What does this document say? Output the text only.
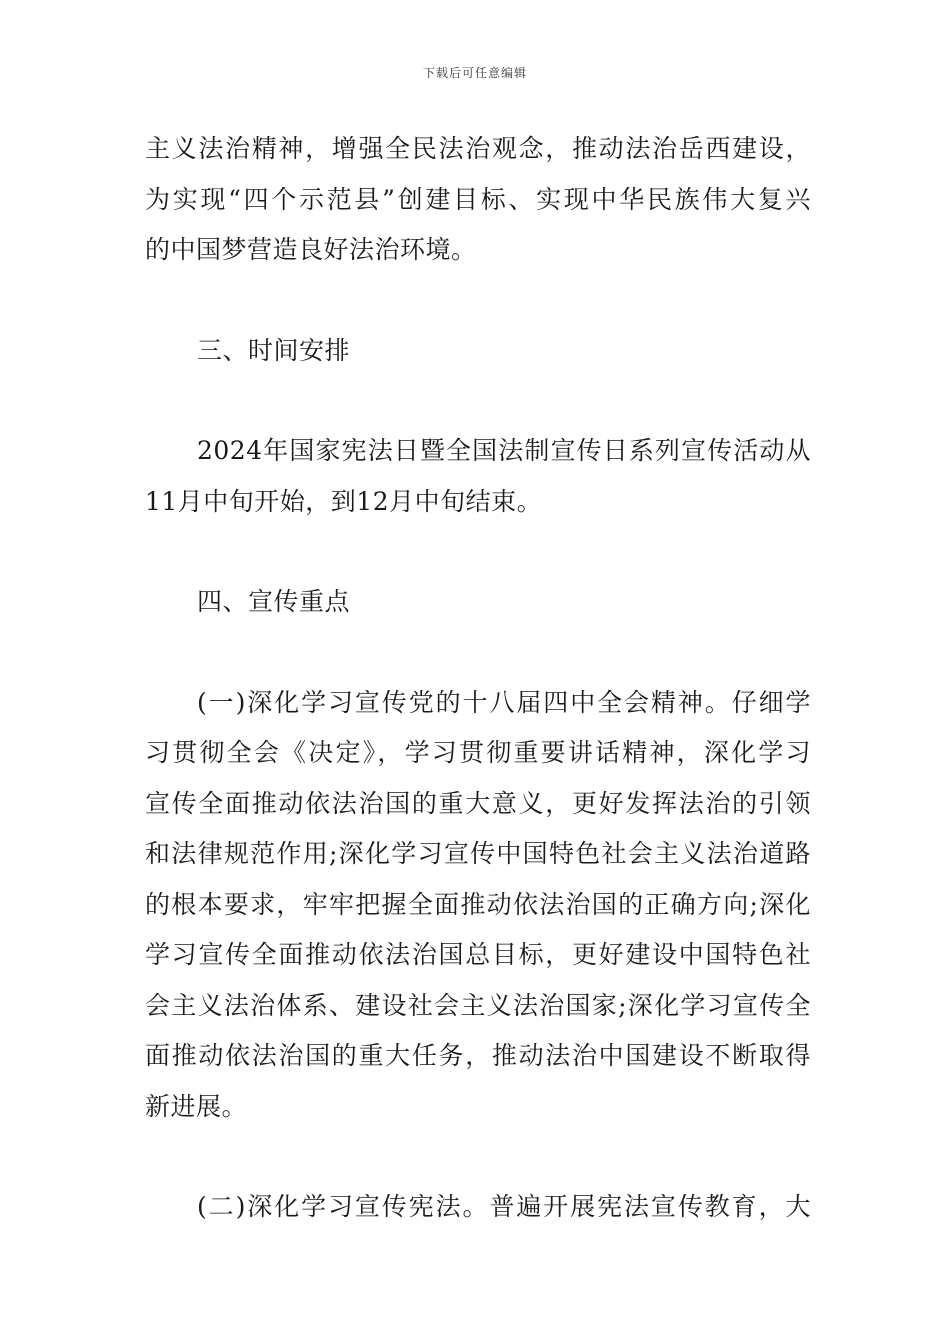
下载后可任意编辑
主义法治精神，增强全民法治观念，推动法治岳西建设，
为实现“四个示范县”创建目标、实现中华民族伟大复兴
的中国梦营造良好法治环境。
三、时间安排
2024年国家宪法日暨全国法制宣传日系列宣传活动从
11月中旬开始，到12月中旬结束。
四、宣传重点
(一)深化学习宣传党的十八届四中全会精神。仔细学
习贯彻全会《决定》，学习贯彻重要讲话精神，深化学习
宣传全面推动依法治国的重大意义，更好发挥法治的引领
和法律规范作用;深化学习宣传中国特色社会主义法治道路
的根本要求，牢牢把握全面推动依法治国的正确方向;深化
学习宣传全面推动依法治国总目标，更好建设中国特色社
会主义法治体系、建设社会主义法治国家;深化学习宣传全
面推动依法治国的重大任务，推动法治中国建设不断取得
新进展。
(二)深化学习宣传宪法。普遍开展宪法宣传教育，大
